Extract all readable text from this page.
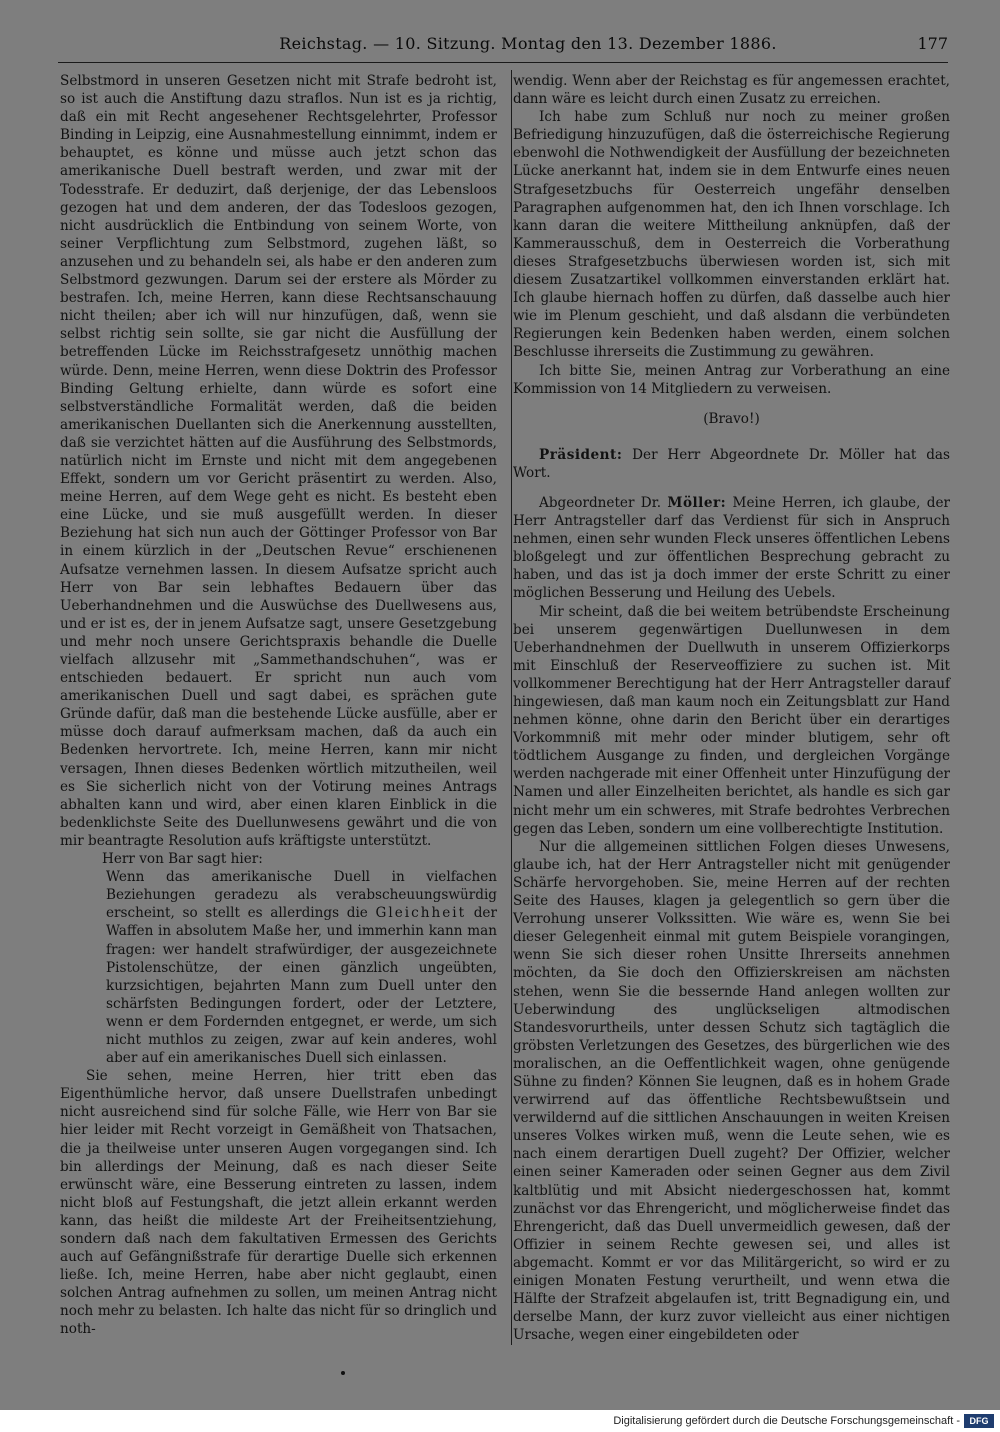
Reichstag. — 10. Sitzung. Montag den 13. Dezember 1886.	177

Selbstmord in unseren Gesetzen nicht mit Strafe bedroht ist, so ist auch die Anstiftung dazu straflos. Nun ist es ja richtig, daß ein mit Recht angesehener Rechtsgelehrter, Professor Binding in Leipzig, eine Ausnahmestellung einnimmt, indem er behauptet, es könne und müsse auch jetzt schon das amerikanische Duell bestraft werden, und zwar mit der Todesstrafe. Er deduzirt, daß derjenige, der das Lebensloos gezogen hat und dem anderen, der das Todesloos gezogen, nicht ausdrücklich die Entbindung von seinem Worte, von seiner Verpflichtung zum Selbstmord, zugehen läßt, so anzusehen und zu behandeln sei, als habe er den anderen zum Selbstmord gezwungen. Darum sei der erstere als Mörder zu bestrafen. Ich, meine Herren, kann diese Rechtsanschauung nicht theilen; aber ich will nur hinzufügen, daß, wenn sie selbst richtig sein sollte, sie gar nicht die Ausfüllung der betreffenden Lücke im Reichsstrafgesetz unnöthig machen würde. Denn, meine Herren, wenn diese Doktrin des Professor Binding Geltung erhielte, dann würde es sofort eine selbstverständliche Formalität werden, daß die beiden amerikanischen Duellanten sich die Anerkennung ausstellten, daß sie verzichtet hätten auf die Ausführung des Selbstmords, natürlich nicht im Ernste und nicht mit dem angegebenen Effekt, sondern um vor Gericht präsentirt zu werden. Also, meine Herren, auf dem Wege geht es nicht. Es besteht eben eine Lücke, und sie muß ausgefüllt werden. In dieser Beziehung hat sich nun auch der Göttinger Professor von Bar in einem kürzlich in der „Deutschen Revue“ erschienenen Aufsatze vernehmen lassen. In diesem Aufsatze spricht auch Herr von Bar sein lebhaftes Bedauern über das Ueberhandnehmen und die Auswüchse des Duellwesens aus, und er ist es, der in jenem Aufsatze sagt, unsere Gesetzgebung und mehr noch unsere Gerichtspraxis behandle die Duelle vielfach allzusehr mit „Sammethandschuhen“, was er entschieden bedauert. Er spricht nun auch vom amerikanischen Duell und sagt dabei, es sprächen gute Gründe dafür, daß man die bestehende Lücke ausfülle, aber er müsse doch darauf aufmerksam machen, daß da auch ein Bedenken hervortrete. Ich, meine Herren, kann mir nicht versagen, Ihnen dieses Bedenken wörtlich mitzutheilen, weil es Sie sicherlich nicht von der Votirung meines Antrags abhalten kann und wird, aber einen klaren Einblick in die bedenklichste Seite des Duellunwesens gewährt und die von mir beantragte Resolution aufs kräftigste unterstützt.

Herr von Bar sagt hier:

Wenn das amerikanische Duell in vielfachen Beziehungen geradezu als verabscheuungswürdig erscheint, so stellt es allerdings die Gleichheit der Waffen in absolutem Maße her, und immerhin kann man fragen: wer handelt strafwürdiger, der ausgezeichnete Pistolenschütze, der einen gänzlich ungeübten, kurzsichtigen, bejahrten Mann zum Duell unter den schärfsten Bedingungen fordert, oder der Letztere, wenn er dem Fordernden entgegnet, er werde, um sich nicht muthlos zu zeigen, zwar auf kein anderes, wohl aber auf ein amerikanisches Duell sich einlassen.

Sie sehen, meine Herren, hier tritt eben das Eigenthümliche hervor, daß unsere Duellstrafen unbedingt nicht ausreichend sind für solche Fälle, wie Herr von Bar sie hier leider mit Recht vorzeigt in Gemäßheit von Thatsachen, die ja theilweise unter unseren Augen vorgegangen sind. Ich bin allerdings der Meinung, daß es nach dieser Seite erwünscht wäre, eine Besserung eintreten zu lassen, indem nicht bloß auf Festungshaft, die jetzt allein erkannt werden kann, das heißt die mildeste Art der Freiheitsentziehung, sondern daß nach dem fakultativen Ermessen des Gerichts auch auf Gefängnißstrafe für derartige Duelle sich erkennen ließe. Ich, meine Herren, habe aber nicht geglaubt, einen solchen Antrag aufnehmen zu sollen, um meinen Antrag nicht noch mehr zu belasten. Ich halte das nicht für so dringlich und noth-

wendig. Wenn aber der Reichstag es für angemessen erachtet, dann wäre es leicht durch einen Zusatz zu erreichen.

Ich habe zum Schluß nur noch zu meiner großen Befriedigung hinzuzufügen, daß die österreichische Regierung ebenwohl die Nothwendigkeit der Ausfüllung der bezeichneten Lücke anerkannt hat, indem sie in dem Entwurfe eines neuen Strafgesetzbuchs für Oesterreich ungefähr denselben Paragraphen aufgenommen hat, den ich Ihnen vorschlage. Ich kann daran die weitere Mittheilung anknüpfen, daß der Kammerausschuß, dem in Oesterreich die Vorberathung dieses Strafgesetzbuchs überwiesen worden ist, sich mit diesem Zusatzartikel vollkommen einverstanden erklärt hat. Ich glaube hiernach hoffen zu dürfen, daß dasselbe auch hier wie im Plenum geschieht, und daß alsdann die verbündeten Regierungen kein Bedenken haben werden, einem solchen Beschlusse ihrerseits die Zustimmung zu gewähren.

Ich bitte Sie, meinen Antrag zur Vorberathung an eine Kommission von 14 Mitgliedern zu verweisen.

(Bravo!)

Präsident: Der Herr Abgeordnete Dr. Möller hat das Wort.

Abgeordneter Dr. Möller: Meine Herren, ich glaube, der Herr Antragsteller darf das Verdienst für sich in Anspruch nehmen, einen sehr wunden Fleck unseres öffentlichen Lebens bloßgelegt und zur öffentlichen Besprechung gebracht zu haben, und das ist ja doch immer der erste Schritt zu einer möglichen Besserung und Heilung des Uebels.

Mir scheint, daß die bei weitem betrübendste Erscheinung bei unserem gegenwärtigen Duellunwesen in dem Ueberhandnehmen der Duellwuth in unserem Offizierkorps mit Einschluß der Reserveoffiziere zu suchen ist. Mit vollkommener Berechtigung hat der Herr Antragsteller darauf hingewiesen, daß man kaum noch ein Zeitungsblatt zur Hand nehmen könne, ohne darin den Bericht über ein derartiges Vorkommniß mit mehr oder minder blutigem, sehr oft tödtlichem Ausgange zu finden, und dergleichen Vorgänge werden nachgerade mit einer Offenheit unter Hinzufügung der Namen und aller Einzelheiten berichtet, als handle es sich gar nicht mehr um ein schweres, mit Strafe bedrohtes Verbrechen gegen das Leben, sondern um eine vollberechtigte Institution.

Nur die allgemeinen sittlichen Folgen dieses Unwesens, glaube ich, hat der Herr Antragsteller nicht mit genügender Schärfe hervorgehoben. Sie, meine Herren auf der rechten Seite des Hauses, klagen ja gelegentlich so gern über die Verrohung unserer Volkssitten. Wie wäre es, wenn Sie bei dieser Gelegenheit einmal mit gutem Beispiele vorangingen, wenn Sie sich dieser rohen Unsitte Ihrerseits annehmen möchten, da Sie doch den Offizierskreisen am nächsten stehen, wenn Sie die bessernde Hand anlegen wollten zur Ueberwindung des unglückseligen altmodischen Standesvorurtheils, unter dessen Schutz sich tagtäglich die gröbsten Verletzungen des Gesetzes, des bürgerlichen wie des moralischen, an die Oeffentlichkeit wagen, ohne genügende Sühne zu finden? Können Sie leugnen, daß es in hohem Grade verwirrend auf das öffentliche Rechtsbewußtsein und verwildernd auf die sittlichen Anschauungen in weiten Kreisen unseres Volkes wirken muß, wenn die Leute sehen, wie es nach einem derartigen Duell zugeht? Der Offizier, welcher einen seiner Kameraden oder seinen Gegner aus dem Zivil kaltblütig und mit Absicht niedergeschossen hat, kommt zunächst vor das Ehrengericht, und möglicherweise findet das Ehrengericht, daß das Duell unvermeidlich gewesen, daß der Offizier in seinem Rechte gewesen sei, und alles ist abgemacht. Kommt er vor das Militärgericht, so wird er zu einigen Monaten Festung verurtheilt, und wenn etwa die Hälfte der Strafzeit abgelaufen ist, tritt Begnadigung ein, und derselbe Mann, der kurz zuvor vielleicht aus einer nichtigen Ursache, wegen einer eingebildeten oder

Digitalisierung gefördert durch die Deutsche Forschungsgemeinschaft -	DFG
